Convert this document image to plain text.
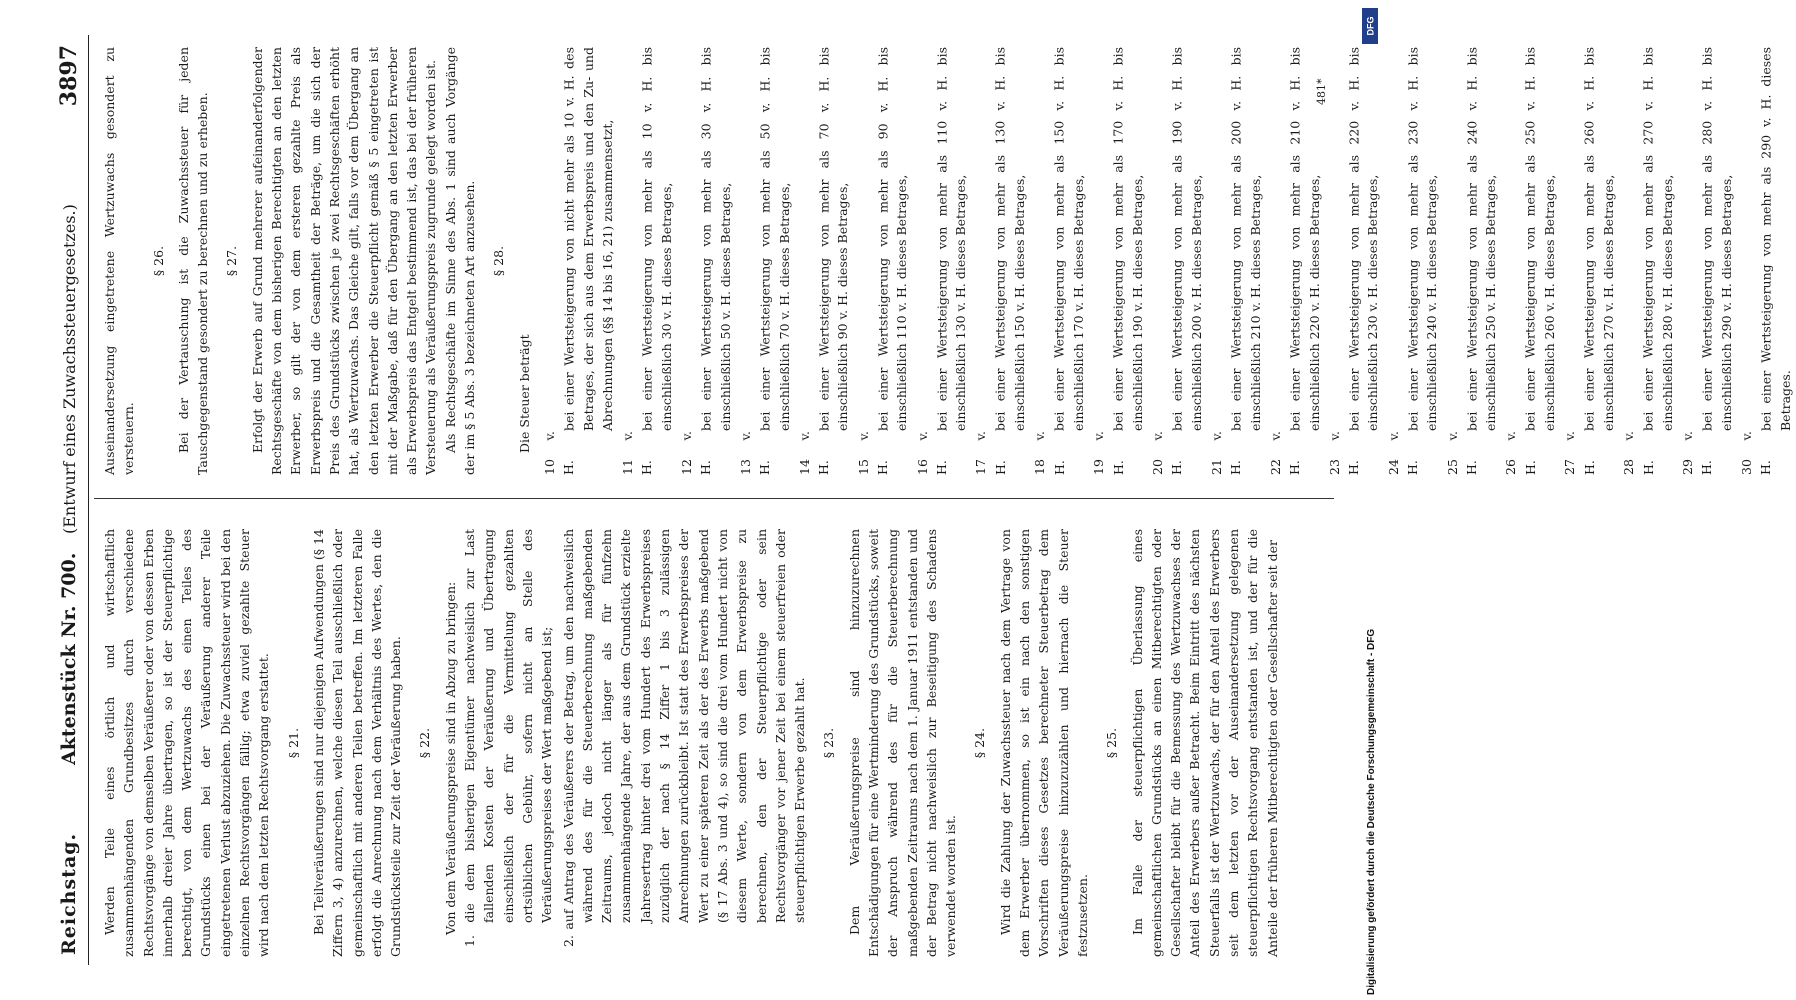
Reichstag.
Aktenstück Nr. 700. (Entwurf eines Zuwachssteuergesetzes.)
3897

Werden Teile eines örtlich und wirtschaftlich zusammenhängenden Grundbesitzes durch verschiedene Rechtsvorgänge von demselben Veräußerer oder von dessen Erben innerhalb dreier Jahre übertragen, so ist der Steuerpflichtige berechtigt, von dem Wertzuwachs des einen Teiles des Grundstücks einen bei der Veräußerung anderer Teile eingetretenen Verlust abzuziehen. Die Zuwachssteuer wird bei den einzelnen Rechtsvorgängen fällig; etwa zuviel gezahlte Steuer wird nach dem letzten Rechtsvorgang erstattet. § 21. Bei Teilveräußerungen sind nur diejenigen Aufwendungen (§ 14 Ziffern 3, 4) anzurechnen, welche diesen Teil ausschließlich oder gemeinschaftlich mit anderen Teilen betreffen. Im letzteren Falle erfolgt die Anrechnung nach dem Verhältnis des Wertes, den die Grundstücksteile zur Zeit der Veräußerung haben. § 22. Von dem Veräußerungspreise sind in Abzug zu bringen: 1. die dem bisherigen Eigentümer nachweislich zur Last fallenden Kosten der Veräußerung und Übertragung einschließlich der für die Vermittelung gezahlten ortsüblichen Gebühr, sofern nicht an Stelle des Veräußerungspreises der Wert maßgebend ist; 2. auf Antrag des Veräußerers der Betrag, um den nachweislich während des für die Steuerberechnung maßgebenden Zeitraums, jedoch nicht länger als für fünfzehn zusammenhängende Jahre, der aus dem Grundstück erzielte Jahresertrag hinter drei vom Hundert des Erwerbspreises zuzüglich der nach § 14 Ziffer 1 bis 3 zulässigen Anrechnungen zurückbleibt. Ist statt des Erwerbspreises der Wert zu einer späteren Zeit als der des Erwerbs maßgebend (§ 17 Abs. 3 und 4), so sind die drei vom Hundert nicht von diesem Werte, sondern von dem Erwerbspreise zu berechnen, den der Steuerpflichtige oder sein Rechtsvorgänger vor jener Zeit bei einem steuerfreien oder steuerpflichtigen Erwerbe gezahlt hat. § 23. Dem Veräußerungspreise sind hinzuzurechnen Entschädigungen für eine Wertminderung des Grundstücks, soweit der Anspruch während des für die Steuerberechnung maßgebenden Zeitraums nach dem 1. Januar 1911 entstanden und der Betrag nicht nachweislich zur Beseitigung des Schadens verwendet worden ist.

§ 24. Wird die Zahlung der Zuwachssteuer nach dem Vertrage von dem Erwerber übernommen, so ist ein nach den sonstigen Vorschriften dieses Gesetzes berechneter Steuerbetrag dem Veräußerungspreise hinzuzuzählen und hiernach die Steuer festzusetzen.

§ 25. Im Falle der steuerpflichtigen Überlassung eines gemeinschaftlichen Grundstücks an einen Mitberechtigten oder Gesellschafter bleibt für die Bemessung des Wertzuwachses der Anteil des Erwerbers außer Betracht. Beim Eintritt des nächsten Steuerfalls ist der Wertzuwachs, der für den Anteil des Erwerbers seit dem letzten vor der Auseinandersetzung gelegenen steuerpflichtigen Rechtsvorgang entstanden ist, und der für die Anteile der früheren Mitberechtigten oder Gesellschafter seit der

Auseinandersetzung eingetretene Wertzuwachs gesondert zu versteuern.

§ 26. Bei der Vertauschung ist die Zuwachssteuer für jeden Tauschgegenstand gesondert zu berechnen und zu erheben. § 27. Erfolgt der Erwerb auf Grund mehrerer aufeinanderfolgender Rechtsgeschäfte von dem bisherigen Berechtigten an den letzten Erwerber, so gilt der von dem ersteren gezahlte Preis als Erwerbspreis und die Gesamtheit der Beträge, um die sich der Preis des Grundstücks zwischen je zwei Rechtsgeschäften erhöht hat, als Wertzuwachs. Das Gleiche gilt, falls vor dem Übergang an den letzten Erwerber die Steuerpflicht gemäß § 5 eingetreten ist mit der Maßgabe, daß für den Übergang an den letzten Erwerber als Erwerbspreis das Entgelt bestimmend ist, das bei der früheren Versteuerung als Veräußerungspreis zugrunde gelegt worden ist. Als Rechtsgeschäfte im Sinne des Abs. 1 sind auch Vorgänge der im § 5 Abs. 3 bezeichneten Art anzusehen. § 28.
Die Steuer beträgt 10 v. H.bei einer Wertsteigerung von nicht mehr als 10 v. H. des Betrages, der sich aus dem Erwerbspreis und den Zu- und Abrechnungen (§§ 14 bis 16, 21) zusammensetzt,
11 v. H.bei einer Wertsteigerung von mehr als 10 v. H. bis einschließlich 30 v. H. dieses Betrages,
12 v. H.bei einer Wertsteigerung von mehr als 30 v. H. bis einschließlich 50 v. H. dieses Betrages,
13 v. H.bei einer Wertsteigerung von mehr als 50 v. H. bis einschließlich 70 v. H. dieses Betrages,
14 v. H.bei einer Wertsteigerung von mehr als 70 v. H. bis einschließlich 90 v. H. dieses Betrages,
15 v. H.bei einer Wertsteigerung von mehr als 90 v. H. bis einschließlich 110 v. H. dieses Betrages,
16 v. H.bei einer Wertsteigerung von mehr als 110 v. H. bis einschließlich 130 v. H. dieses Betrages,
17 v. H.bei einer Wertsteigerung von mehr als 130 v. H. bis einschließlich 150 v. H. dieses Betrages,
18 v. H.bei einer Wertsteigerung von mehr als 150 v. H. bis einschließlich 170 v. H. dieses Betrages,
19 v. H.bei einer Wertsteigerung von mehr als 170 v. H. bis einschließlich 190 v. H. dieses Betrages,
20 v. H.bei einer Wertsteigerung von mehr als 190 v. H. bis einschließlich 200 v. H. dieses Betrages,
21 v. H.bei einer Wertsteigerung von mehr als 200 v. H. bis einschließlich 210 v. H. dieses Betrages,
22 v. H.bei einer Wertsteigerung von mehr als 210 v. H. bis einschließlich 220 v. H. dieses Betrages,
23 v. H.bei einer Wertsteigerung von mehr als 220 v. H. bis einschließlich 230 v. H. dieses Betrages,
24 v. H.bei einer Wertsteigerung von mehr als 230 v. H. bis einschließlich 240 v. H. dieses Betrages,
25 v. H.bei einer Wertsteigerung von mehr als 240 v. H. bis einschließlich 250 v. H. dieses Betrages,
26 v. H.bei einer Wertsteigerung von mehr als 250 v. H. bis einschließlich 260 v. H. dieses Betrages,
27 v. H.bei einer Wertsteigerung von mehr als 260 v. H. bis einschließlich 270 v. H. dieses Betrages,
28 v. H.bei einer Wertsteigerung von mehr als 270 v. H. bis einschließlich 280 v. H. dieses Betrages,
29 v. H.bei einer Wertsteigerung von mehr als 280 v. H. bis einschließlich 290 v. H. dieses Betrages,
30 v. H.bei einer Wertsteigerung von mehr als 290 v. H. dieses Betrages.
481*
DFG
Digitalisierung gefördert durch die Deutsche Forschungsgemeinschaft - DFG
